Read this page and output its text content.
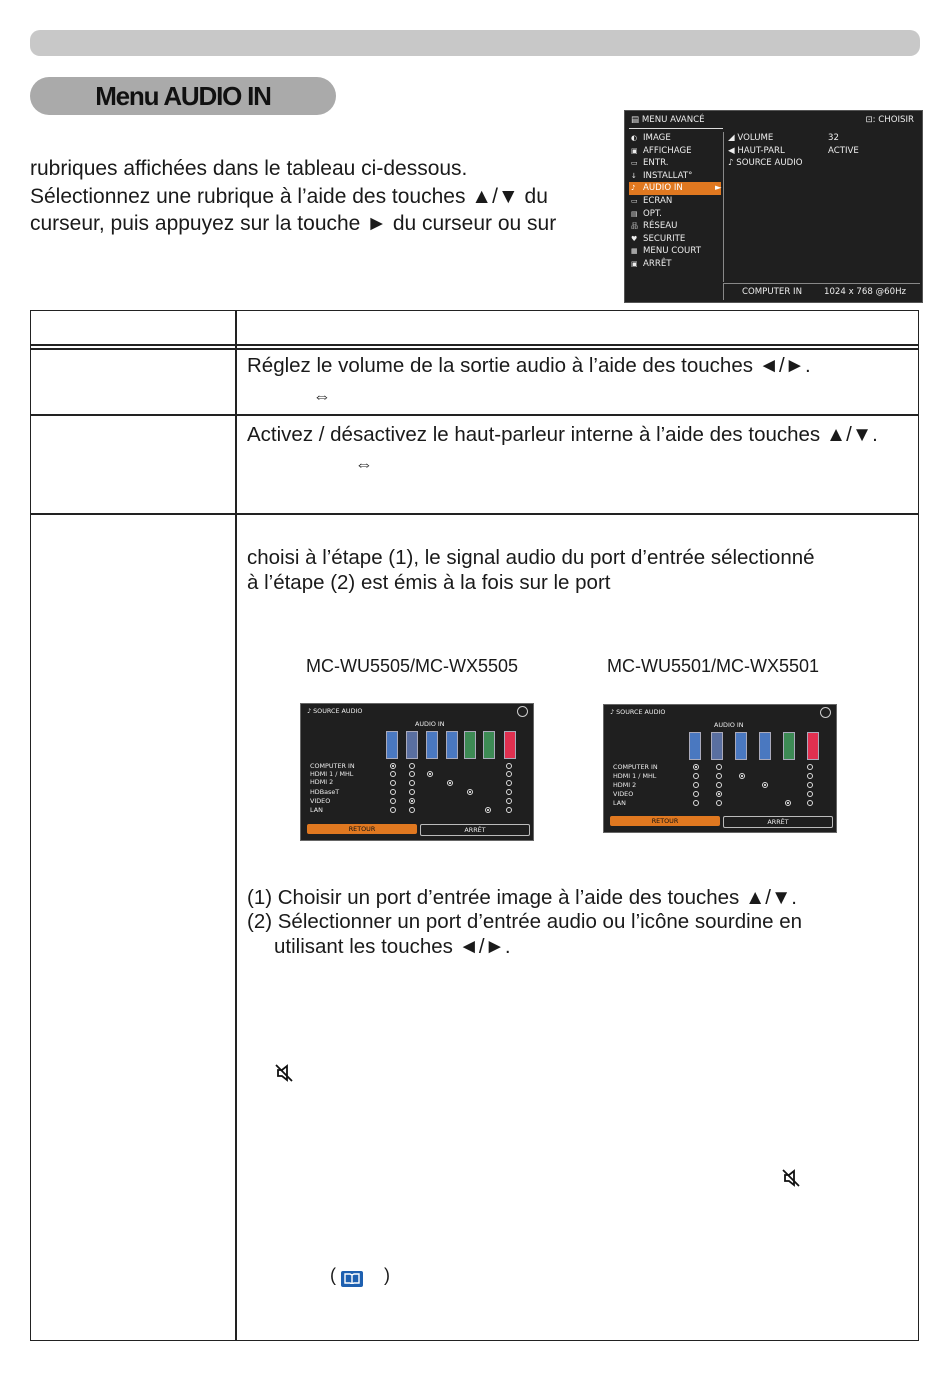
Menu AUDIO IN
rubriques affichées dans le tableau ci-dessous.
Sélectionnez une rubrique à l’aide des touches ▲/▼ du
curseur, puis appuyez sur la touche ► du curseur ou sur
▤ MENU AVANCÉ	⊡: CHOISIR
◐ IMAGE
▣ AFFICHAGE
▭ ENTR.
↓ INSTALLAT°
♪ AUDIO IN	►
▭ ECRAN
▤ OPT.
品 RÉSEAU
♥ SECURITE
▦ MENU COURT
▣ ARRÊT
◢ VOLUME	32
◀ HAUT-PARL	ACTIVE
♪ SOURCE AUDIO
COMPUTER IN	1024 x 768 @60Hz
Réglez le volume de la sortie audio à l’aide des touches ◄/►.
⇔
Activez / désactivez le haut-parleur interne à l’aide des touches ▲/▼.
⇔
choisi à l’étape (1), le signal audio du port d’entrée sélectionné
à l’étape (2) est émis à la fois sur le port
MC-WU5505/MC-WX5505	MC-WU5501/MC-WX5501
♪ SOURCE AUDIO
AUDIO IN
COMPUTER IN
HDMI 1 / MHL
HDMI 2
HDBaseT
VIDEO
LAN
RETOUR	ARRÊT
♪ SOURCE AUDIO
AUDIO IN
COMPUTER IN
HDMI 1 / MHL
HDMI 2
VIDEO
LAN
RETOUR	ARRÊT
(1) Choisir un port d’entrée image à l’aide des touches ▲/▼.
(2) Sélectionner un port d’entrée audio ou l’icône sourdine en
utilisant les touches ◄/►.
(	)
